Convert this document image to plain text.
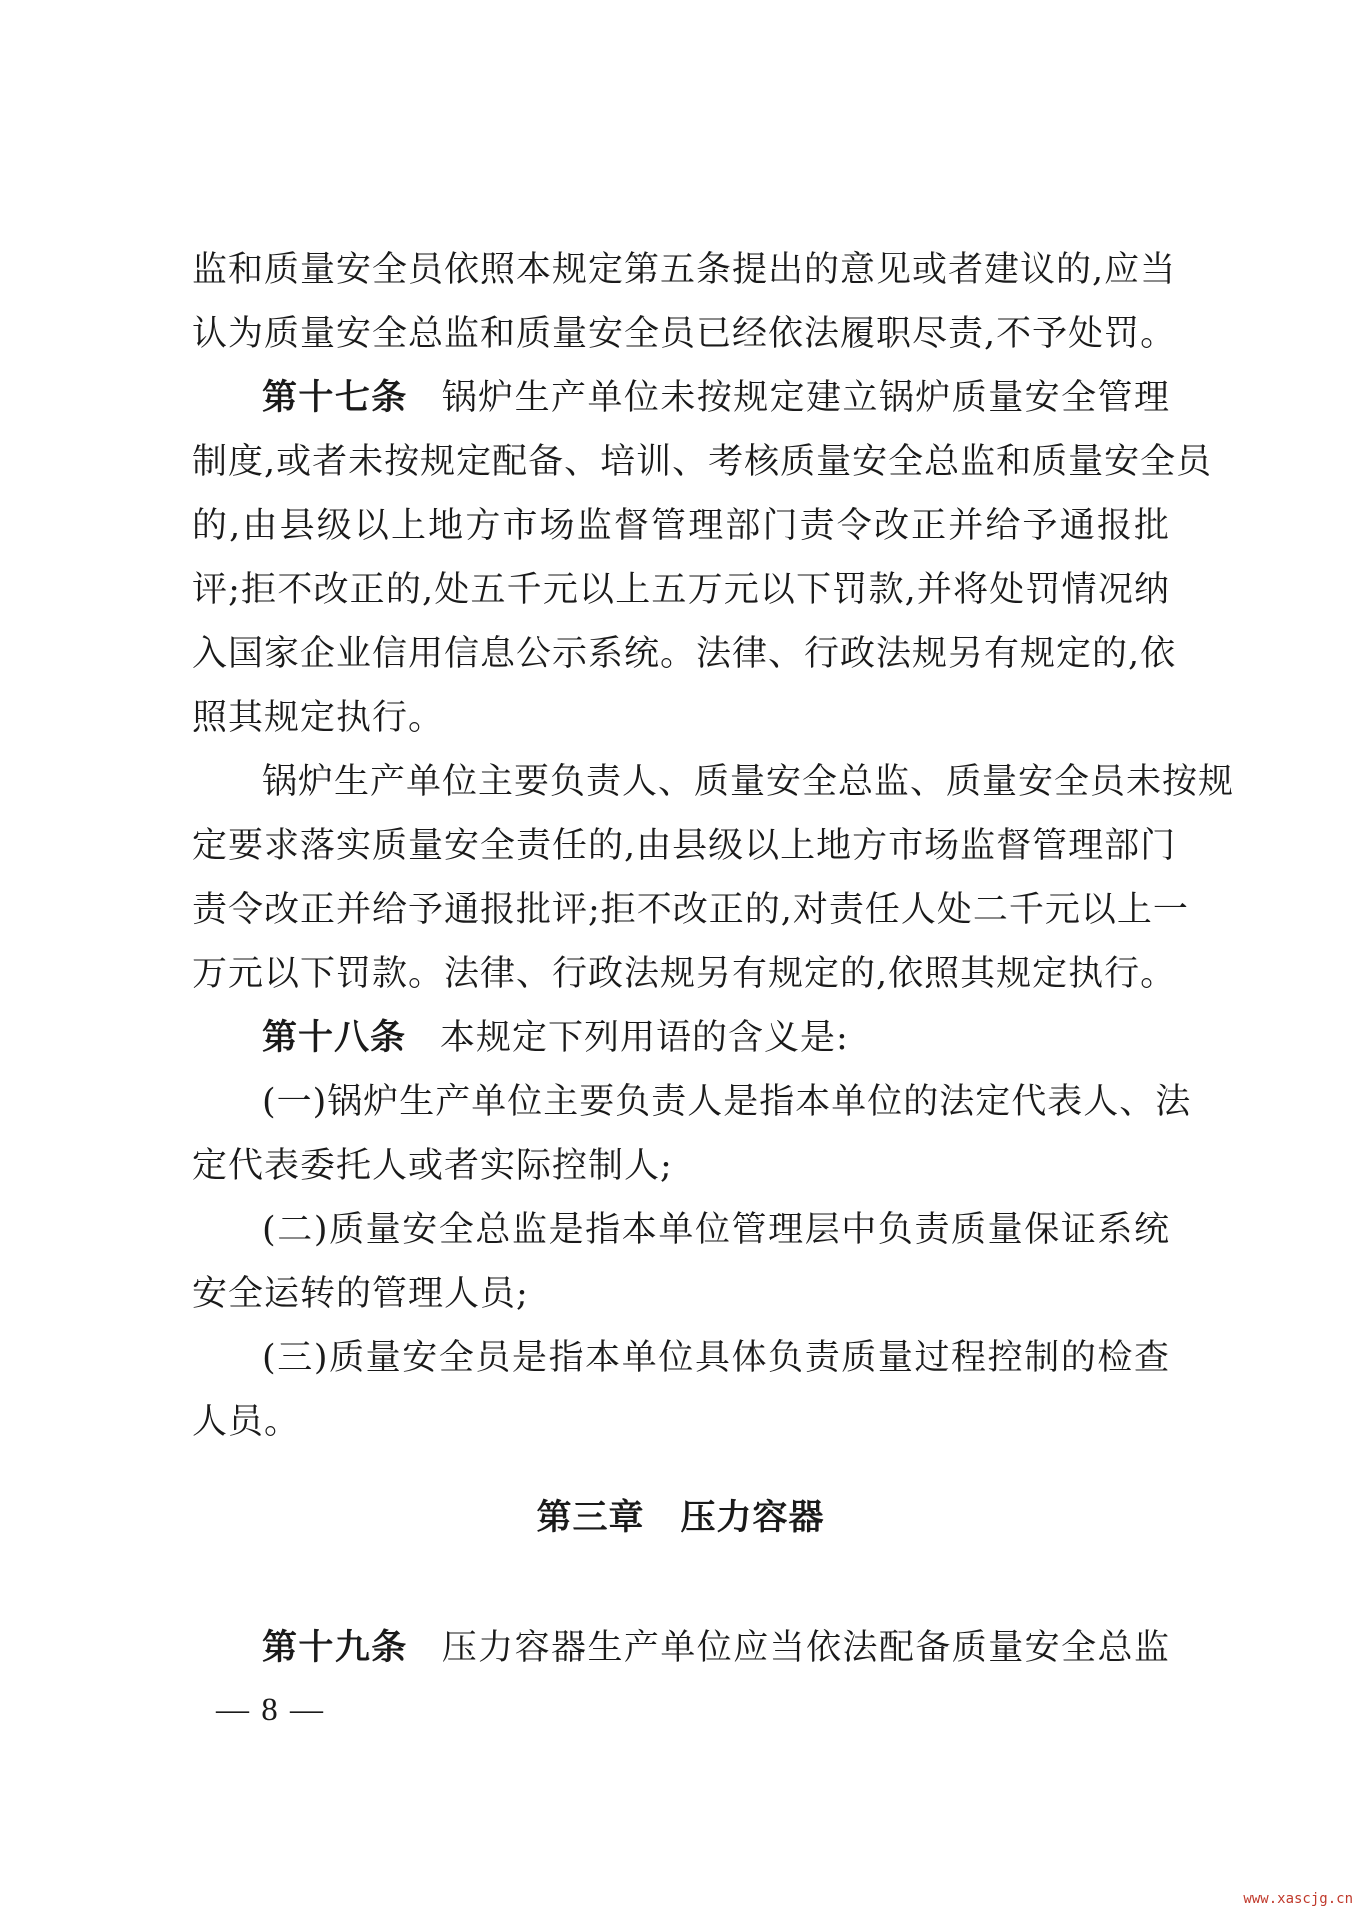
监和质量安全员依照本规定第五条提出的意见或者建议的,应当
认为质量安全总监和质量安全员已经依法履职尽责,不予处罚。
第十七条 锅炉生产单位未按规定建立锅炉质量安全管理
制度,或者未按规定配备、培训、考核质量安全总监和质量安全员
的,由县级以上地方市场监督管理部门责令改正并给予通报批
评;拒不改正的,处五千元以上五万元以下罚款,并将处罚情况纳
入国家企业信用信息公示系统。法律、行政法规另有规定的,依
照其规定执行。
锅炉生产单位主要负责人、质量安全总监、质量安全员未按规
定要求落实质量安全责任的,由县级以上地方市场监督管理部门
责令改正并给予通报批评;拒不改正的,对责任人处二千元以上一
万元以下罚款。法律、行政法规另有规定的,依照其规定执行。
第十八条 本规定下列用语的含义是:
(一)锅炉生产单位主要负责人是指本单位的法定代表人、法
定代表委托人或者实际控制人;
(二)质量安全总监是指本单位管理层中负责质量保证系统
安全运转的管理人员;
(三)质量安全员是指本单位具体负责质量过程控制的检查
人员。
第三章 压力容器
第十九条 压力容器生产单位应当依法配备质量安全总监
— 8 —
www.xascjg.cn
